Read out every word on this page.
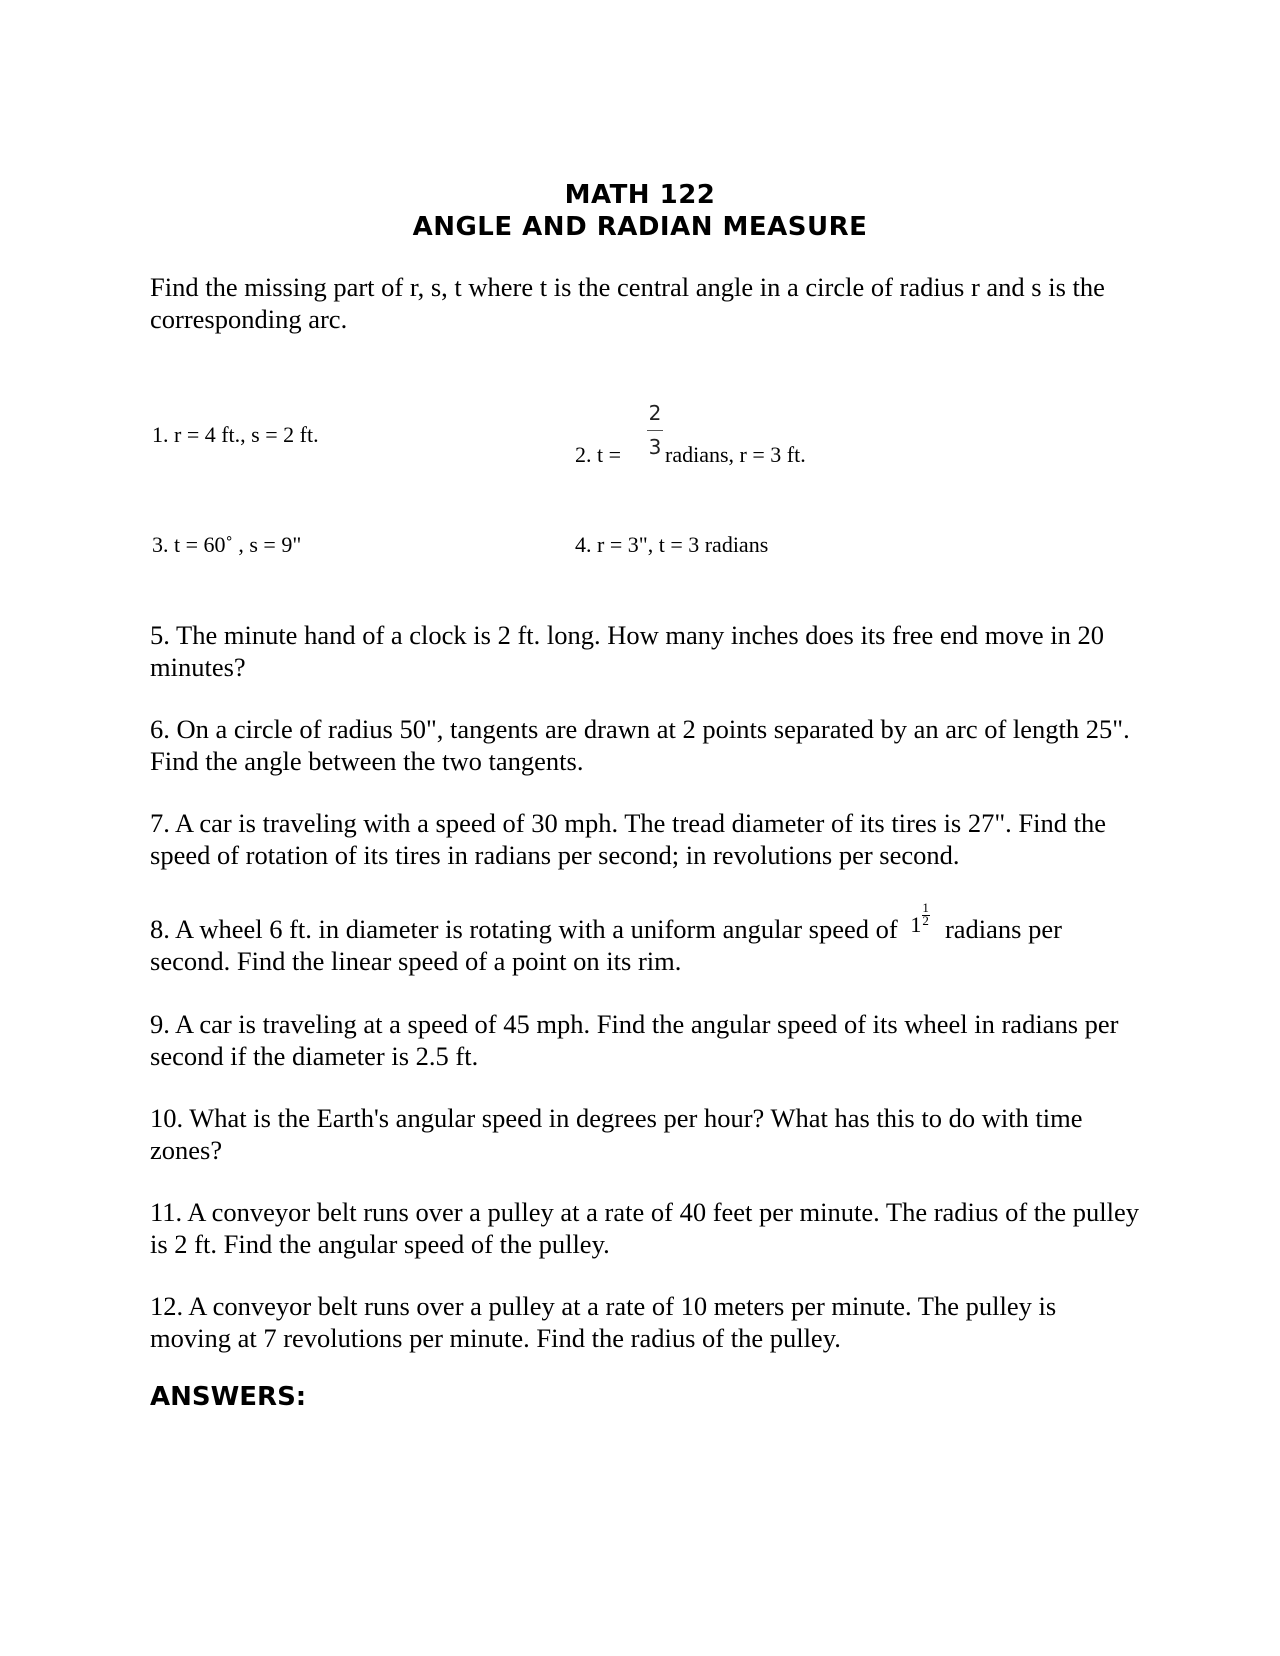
MATH 122
ANGLE AND RADIAN MEASURE
Find the missing part of r, s, t where t is the central angle in a circle of radius r and s is the corresponding arc.
1. r = 4 ft., s = 2 ft.
2. t =
2
3 radians, r = 3 ft.
3. t = 60˚ , s = 9"	4. r = 3", t = 3 radians
5. The minute hand of a clock is 2 ft. long. How many inches does its free end move in 20 minutes?
6. On a circle of radius 50", tangents are drawn at 2 points separated by an arc of length 25". Find the angle between the two tangents.
7. A car is traveling with a speed of 30 mph. The tread diameter of its tires is 27". Find the speed of rotation of its tires in radians per second; in revolutions per second.
8. A wheel 6 ft. in diameter is rotating with a uniform angular speed of 1
1
2 radians per second. Find the linear speed of a point on its rim.
9. A car is traveling at a speed of 45 mph. Find the angular speed of its wheel in radians per second if the diameter is 2.5 ft.
10. What is the Earth's angular speed in degrees per hour? What has this to do with time zones?
11. A conveyor belt runs over a pulley at a rate of 40 feet per minute. The radius of the pulley is 2 ft. Find the angular speed of the pulley.
12. A conveyor belt runs over a pulley at a rate of 10 meters per minute. The pulley is moving at 7 revolutions per minute. Find the radius of the pulley.
ANSWERS:
